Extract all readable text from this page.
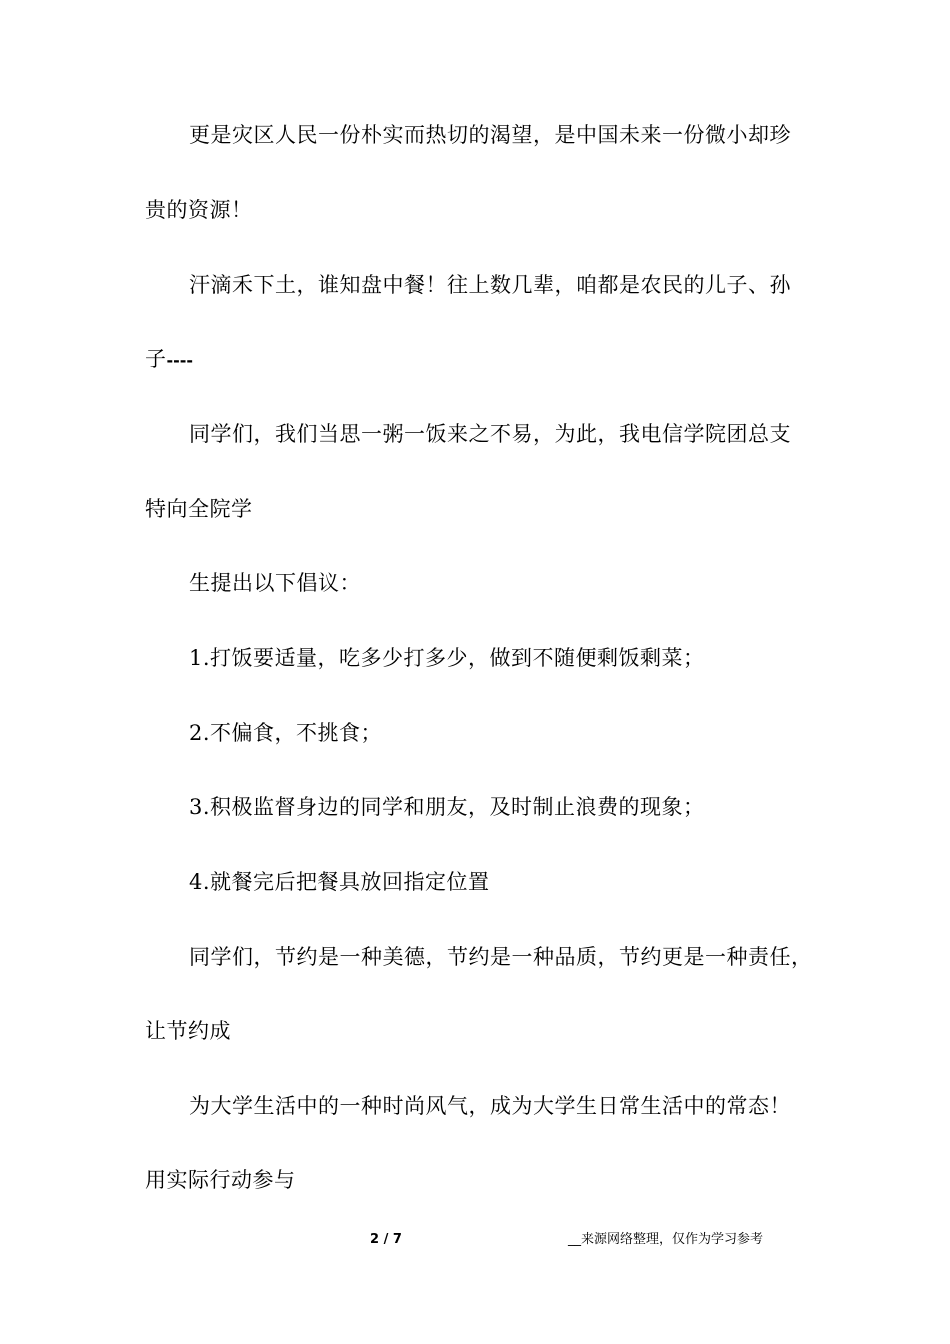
更是灾区人民一份朴实而热切的渴望，是中国未来一份微小却珍
贵的资源！
汗滴禾下土，谁知盘中餐！往上数几辈，咱都是农民的儿子、孙
子----
同学们，我们当思一粥一饭来之不易，为此，我电信学院团总支
特向全院学
生提出以下倡议：
1.打饭要适量，吃多少打多少，做到不随便剩饭剩菜；
2.不偏食，不挑食；
3.积极监督身边的同学和朋友，及时制止浪费的现象；
4.就餐完后把餐具放回指定位置
同学们，节约是一种美德，节约是一种品质，节约更是一种责任，
让节约成
为大学生活中的一种时尚风气，成为大学生日常生活中的常态！
用实际行动参与
2 / 7	__来源网络整理，仅作为学习参考
